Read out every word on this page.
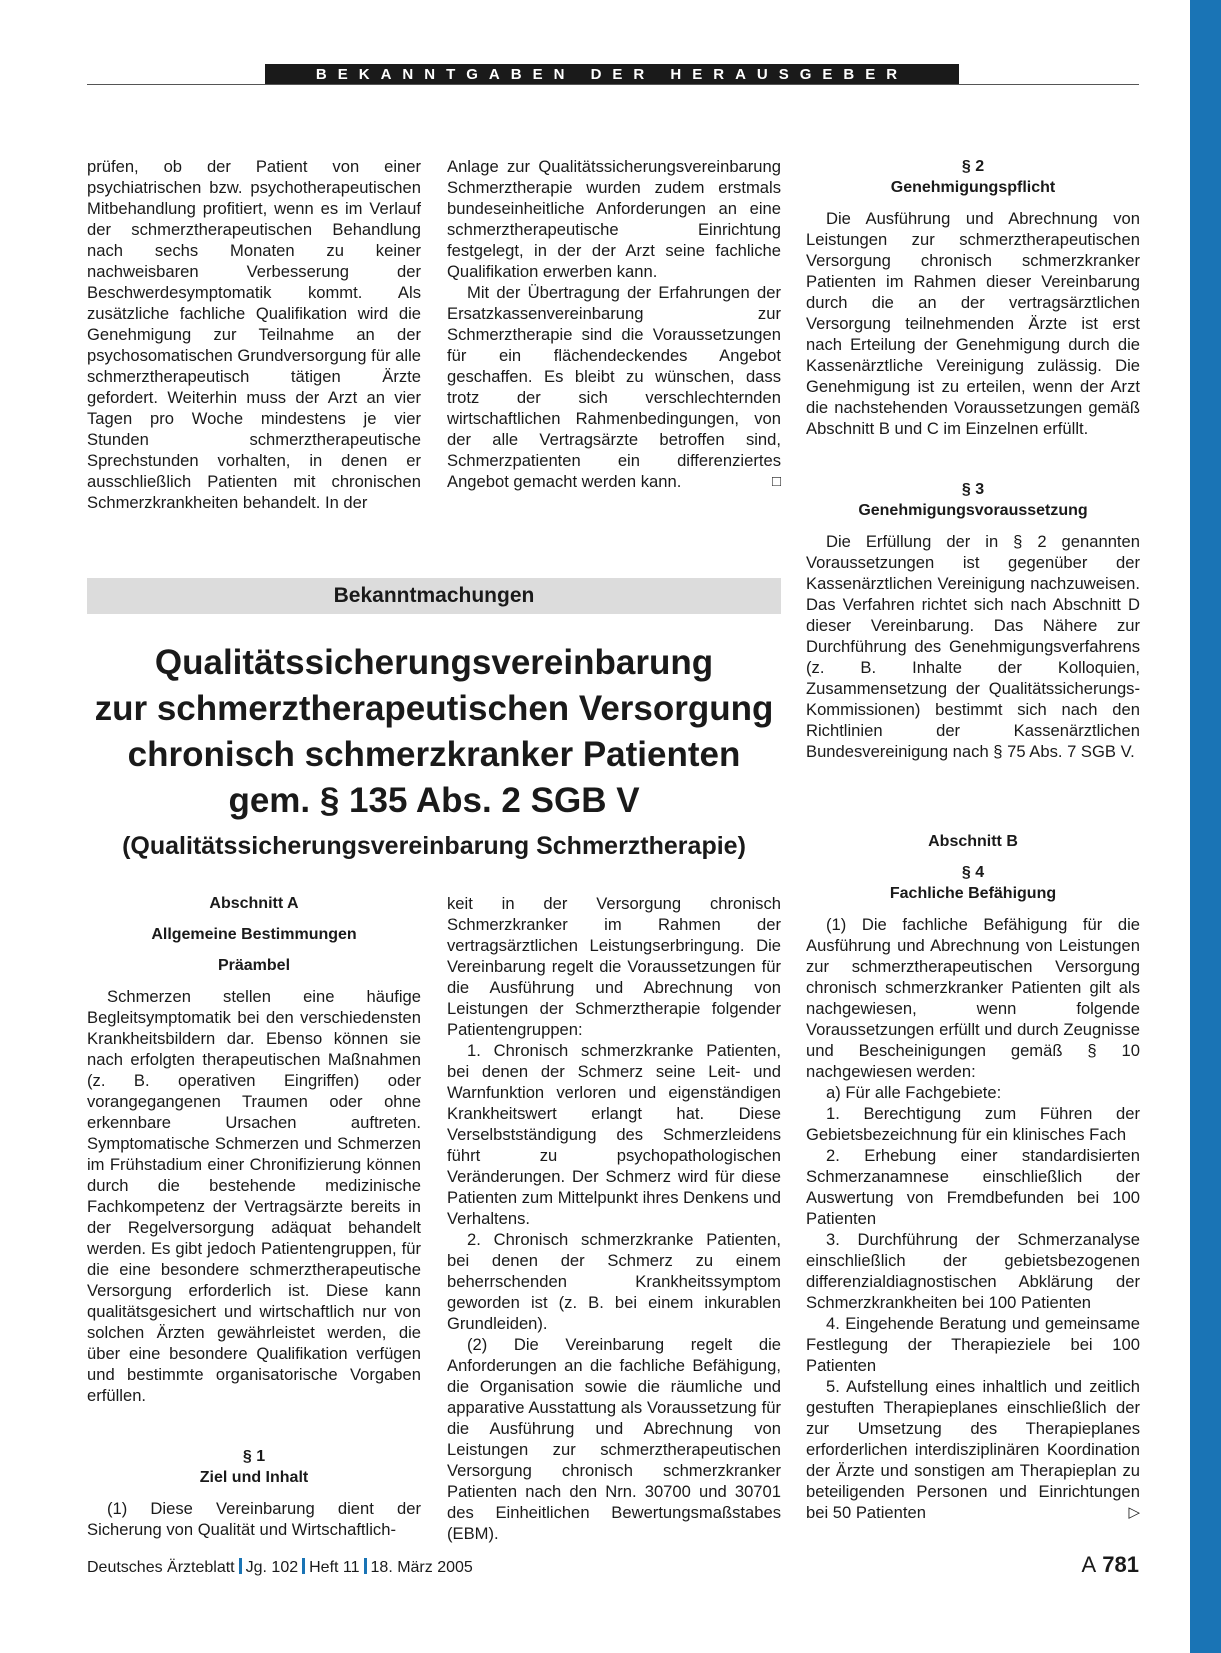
BEKANNTGABEN DER HERAUSGEBER

prüfen, ob der Patient von einer psychiatrischen bzw. psychotherapeutischen Mitbehandlung profitiert, wenn es im Verlauf der schmerztherapeutischen Behandlung nach sechs Monaten zu keiner nachweisbaren Verbesserung der Beschwerdesymptomatik kommt. Als zusätzliche fachliche Qualifikation wird die Genehmigung zur Teilnahme an der psychosomatischen Grundversorgung für alle schmerztherapeutisch tätigen Ärzte gefordert. Weiterhin muss der Arzt an vier Tagen pro Woche mindestens je vier Stunden schmerztherapeutische Sprechstunden vorhalten, in denen er ausschließlich Patienten mit chronischen Schmerzkrankheiten behandelt. In der

Anlage zur Qualitätssicherungsvereinbarung Schmerztherapie wurden zudem erstmals bundeseinheitliche Anforderungen an eine schmerztherapeutische Einrichtung festgelegt, in der der Arzt seine fachliche Qualifikation erwerben kann.

Mit der Übertragung der Erfahrungen der Ersatzkassenvereinbarung zur Schmerztherapie sind die Voraussetzungen für ein flächendeckendes Angebot geschaffen. Es bleibt zu wünschen, dass trotz der sich verschlechternden wirtschaftlichen Rahmenbedingungen, von der alle Vertragsärzte betroffen sind, Schmerzpatienten ein differenziertes Angebot gemacht werden kann.	□

§ 2

Genehmigungspflicht

Die Ausführung und Abrechnung von Leistungen zur schmerztherapeutischen Versorgung chronisch schmerzkranker Patienten im Rahmen dieser Vereinbarung durch die an der vertragsärztlichen Versorgung teilnehmenden Ärzte ist erst nach Erteilung der Genehmigung durch die Kassenärztliche Vereinigung zulässig. Die Genehmigung ist zu erteilen, wenn der Arzt die nachstehenden Voraussetzungen gemäß Abschnitt B und C im Einzelnen erfüllt.

§ 3

Genehmigungsvoraussetzung

Die Erfüllung der in § 2 genannten Voraussetzungen ist gegenüber der Kassenärztlichen Vereinigung nachzuweisen. Das Verfahren richtet sich nach Abschnitt D dieser Vereinbarung. Das Nähere zur Durchführung des Genehmigungsverfahrens (z. B. Inhalte der Kolloquien, Zusammensetzung der Qualitätssicherungs-Kommissionen) bestimmt sich nach den Richtlinien der Kassenärztlichen Bundesvereinigung nach § 75 Abs. 7 SGB V.

Bekanntmachungen
Qualitätssicherungsvereinbarung
zur schmerztherapeutischen Versorgung
chronisch schmerzkranker Patienten
gem. § 135 Abs. 2 SGB V
(Qualitätssicherungsvereinbarung Schmerztherapie)

Abschnitt A

Allgemeine Bestimmungen

Präambel

Schmerzen stellen eine häufige Begleitsymptomatik bei den verschiedensten Krankheitsbildern dar. Ebenso können sie nach erfolgten therapeutischen Maßnahmen (z. B. operativen Eingriffen) oder vorangegangenen Traumen oder ohne erkennbare Ursachen auftreten. Symptomatische Schmerzen und Schmerzen im Frühstadium einer Chronifizierung können durch die bestehende medizinische Fachkompetenz der Vertragsärzte bereits in der Regelversorgung adäquat behandelt werden. Es gibt jedoch Patientengruppen, für die eine besondere schmerztherapeutische Versorgung erforderlich ist. Diese kann qualitätsgesichert und wirtschaftlich nur von solchen Ärzten gewährleistet werden, die über eine besondere Qualifikation verfügen und bestimmte organisatorische Vorgaben erfüllen.

§ 1

Ziel und Inhalt

(1) Diese Vereinbarung dient der Sicherung von Qualität und Wirtschaftlich-

keit in der Versorgung chronisch Schmerzkranker im Rahmen der vertragsärztlichen Leistungserbringung. Die Vereinbarung regelt die Voraussetzungen für die Ausführung und Abrechnung von Leistungen der Schmerztherapie folgender Patientengruppen:

1. Chronisch schmerzkranke Patienten, bei denen der Schmerz seine Leit- und Warnfunktion verloren und eigenständigen Krankheitswert erlangt hat. Diese Verselbstständigung des Schmerzleidens führt zu psychopathologischen Veränderungen. Der Schmerz wird für diese Patienten zum Mittelpunkt ihres Denkens und Verhaltens.

2. Chronisch schmerzkranke Patienten, bei denen der Schmerz zu einem beherrschenden Krankheitssymptom geworden ist (z. B. bei einem inkurablen Grundleiden).

(2) Die Vereinbarung regelt die Anforderungen an die fachliche Befähigung, die Organisation sowie die räumliche und apparative Ausstattung als Voraussetzung für die Ausführung und Abrechnung von Leistungen zur schmerztherapeutischen Versorgung chronisch schmerzkranker Patienten nach den Nrn. 30700 und 30701 des Einheitlichen Bewertungsmaßstabes (EBM).

Abschnitt B

§ 4

Fachliche Befähigung

(1) Die fachliche Befähigung für die Ausführung und Abrechnung von Leistungen zur schmerztherapeutischen Versorgung chronisch schmerzkranker Patienten gilt als nachgewiesen, wenn folgende Voraussetzungen erfüllt und durch Zeugnisse und Bescheinigungen gemäß § 10 nachgewiesen werden:

a) Für alle Fachgebiete:

1. Berechtigung zum Führen der Gebietsbezeichnung für ein klinisches Fach

2. Erhebung einer standardisierten Schmerzanamnese einschließlich der Auswertung von Fremdbefunden bei 100 Patienten

3. Durchführung der Schmerzanalyse einschließlich der gebietsbezogenen differenzialdiagnostischen Abklärung der Schmerzkrankheiten bei 100 Patienten

4. Eingehende Beratung und gemeinsame Festlegung der Therapieziele bei 100 Patienten

5. Aufstellung eines inhaltlich und zeitlich gestuften Therapieplanes einschließlich der zur Umsetzung des Therapieplanes erforderlichen interdisziplinären Koordination der Ärzte und sonstigen am Therapieplan zu beteiligenden Personen und Einrichtungen bei 50 Patienten	▷

Deutsches Ärzteblatt Jg. 102 Heft 11 18. März 2005	A 781
